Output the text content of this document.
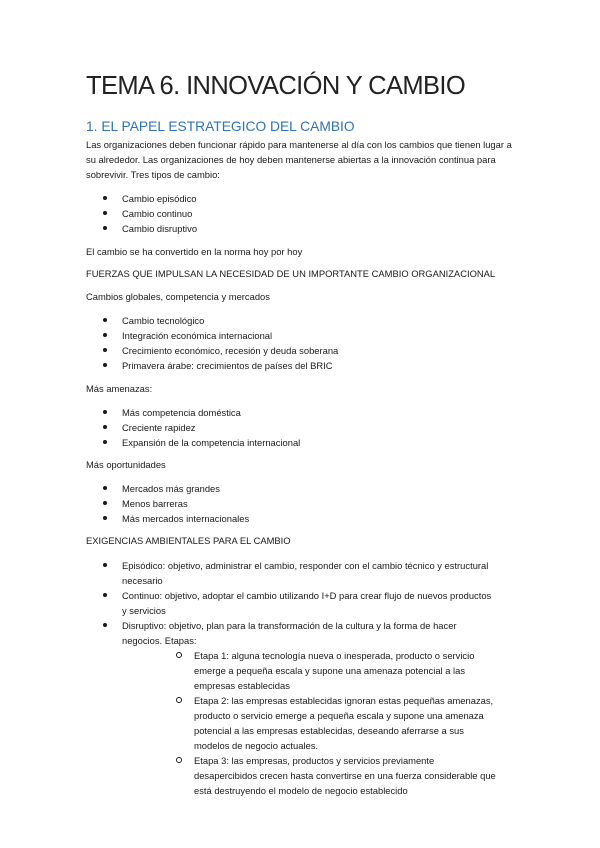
TEMA 6. INNOVACIÓN Y CAMBIO
1. EL PAPEL ESTRATEGICO DEL CAMBIO

Las organizaciones deben funcionar rápido para mantenerse al día con los cambios que tienen lugar a su alrededor. Las organizaciones de hoy deben mantenerse abiertas a la innovación continua para sobrevivir. Tres tipos de cambio:

Cambio episódico
Cambio continuo
Cambio disruptivo

El cambio se ha convertido en la norma hoy por hoy

FUERZAS QUE IMPULSAN LA NECESIDAD DE UN IMPORTANTE CAMBIO ORGANIZACIONAL

Cambios globales, competencia y mercados

Cambio tecnológico
Integración económica internacional
Crecimiento económico, recesión y deuda soberana
Primavera árabe: crecimientos de países del BRIC

Más amenazas:

Más competencia doméstica
Creciente rapidez
Expansión de la competencia internacional

Más oportunidades

Mercados más grandes
Menos barreras
Más mercados internacionales

EXIGENCIAS AMBIENTALES PARA EL CAMBIO

Episódico: objetivo, administrar el cambio, responder con el cambio técnico y estructural necesario
Continuo: objetivo, adoptar el cambio utilizando I+D para crear flujo de nuevos productos y servicios
Disruptivo: objetivo, plan para la transformación de la cultura y la forma de hacer negocios. Etapas:
Etapa 1: alguna tecnología nueva o inesperada, producto o servicio emerge a pequeña escala y supone una amenaza potencial a las empresas establecidas
Etapa 2: las empresas establecidas ignoran estas pequeñas amenazas, producto o servicio emerge a pequeña escala y supone una amenaza potencial a las empresas establecidas, deseando aferrarse a sus modelos de negocio actuales.
Etapa 3: las empresas, productos y servicios previamente desapercibidos crecen hasta convertirse en una fuerza considerable que está destruyendo el modelo de negocio establecido
